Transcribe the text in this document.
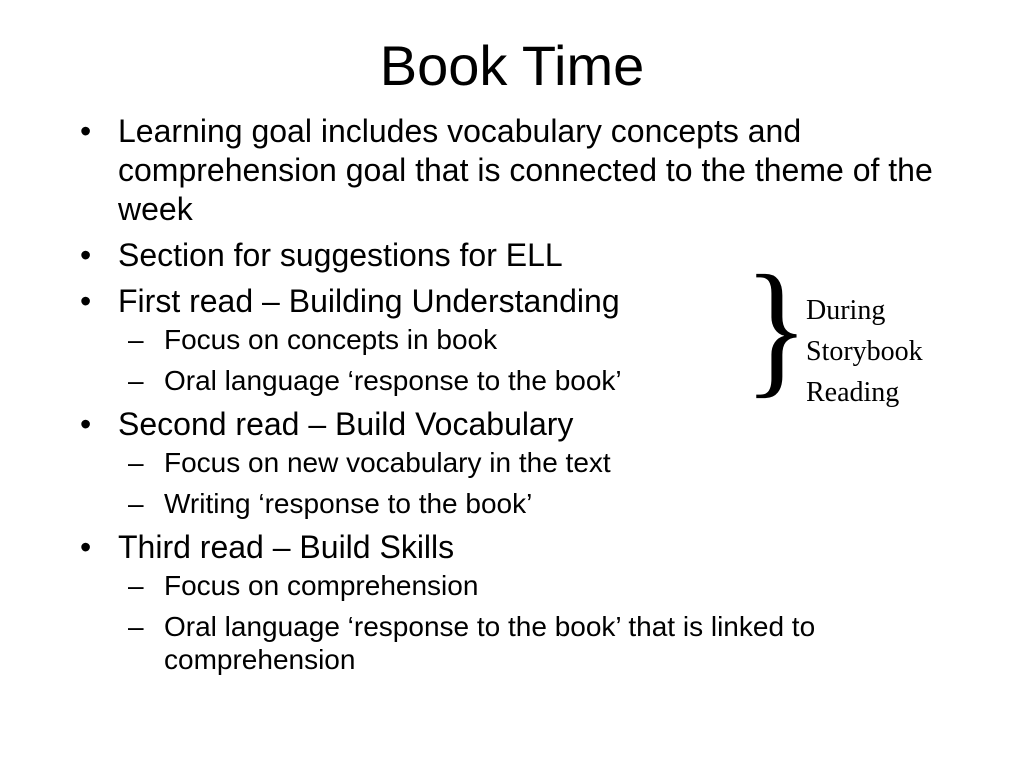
Book Time
• Learning goal includes vocabulary concepts and comprehension goal that is connected to the theme of the week
• Section for suggestions for ELL
• First read – Building Understanding
– Focus on concepts in book
– Oral language ‘response to the book’
• Second read – Build Vocabulary
– Focus on new vocabulary in the text
– Writing ‘response to the book’
• Third read – Build Skills
– Focus on comprehension
– Oral language ‘response to the book’ that is linked to comprehension
}
During
Storybook
Reading
